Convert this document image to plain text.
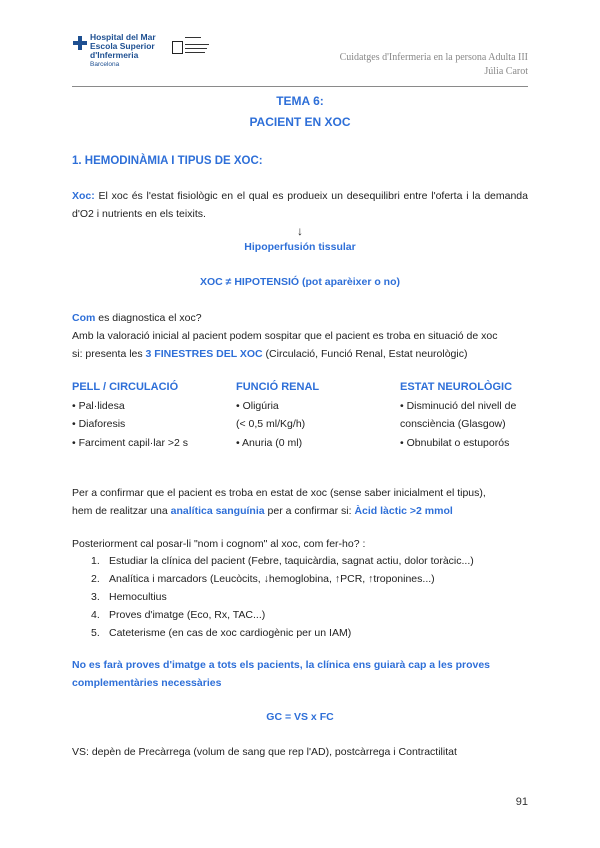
Hospital del Mar
Escola Superior
d'Infermeria
Barcelona
Cuidatges d'Infermeria en la persona Adulta III
Júlia Carot
TEMA 6:
PACIENT EN XOC
1. HEMODINÀMIA I TIPUS DE XOC:
Xoc: El xoc és l'estat fisiològic en el qual es produeix un desequilibri entre l'oferta i la demanda d'O2 i nutrients en els teixits.
↓
Hipoperfusión tissular
XOC ≠ HIPOTENSIÓ (pot aparèixer o no)
Com es diagnostica el xoc?
Amb la valoració inicial al pacient podem sospitar que el pacient es troba en situació de xoc
si: presenta les 3 FINESTRES DEL XOC (Circulació, Funció Renal, Estat neurològic)
PELL / CIRCULACIÓ
• Pal·lidesa
• Diaforesis
• Farciment capil·lar >2 s
FUNCIÓ RENAL
• Oligúria
(< 0,5 ml/Kg/h)
• Anuria (0 ml)
ESTAT NEUROLÒGIC
• Disminució del nivell de
consciència (Glasgow)
• Obnubilat o estuporós
Per a confirmar que el pacient es troba en estat de xoc (sense saber inicialment el tipus),
hem de realitzar una analítica sanguínia per a confirmar si: Àcid làctic >2 mmol
Posteriorment cal posar-li "nom i cognom" al xoc, com fer-ho? :
1. Estudiar la clínica del pacient (Febre, taquicàrdia, sagnat actiu, dolor toràcic...)
2. Analítica i marcadors (Leucòcits, ↓hemoglobina, ↑PCR, ↑troponines...)
3. Hemocultius
4. Proves d'imatge (Eco, Rx, TAC...)
5. Cateterisme (en cas de xoc cardiogènic per un IAM)
No es farà proves d'imatge a tots els pacients, la clínica ens guiarà cap a les proves
complementàries necessàries
GC = VS x FC
VS: depèn de Precàrrega (volum de sang que rep l'AD), postcàrrega i Contractilitat
91
